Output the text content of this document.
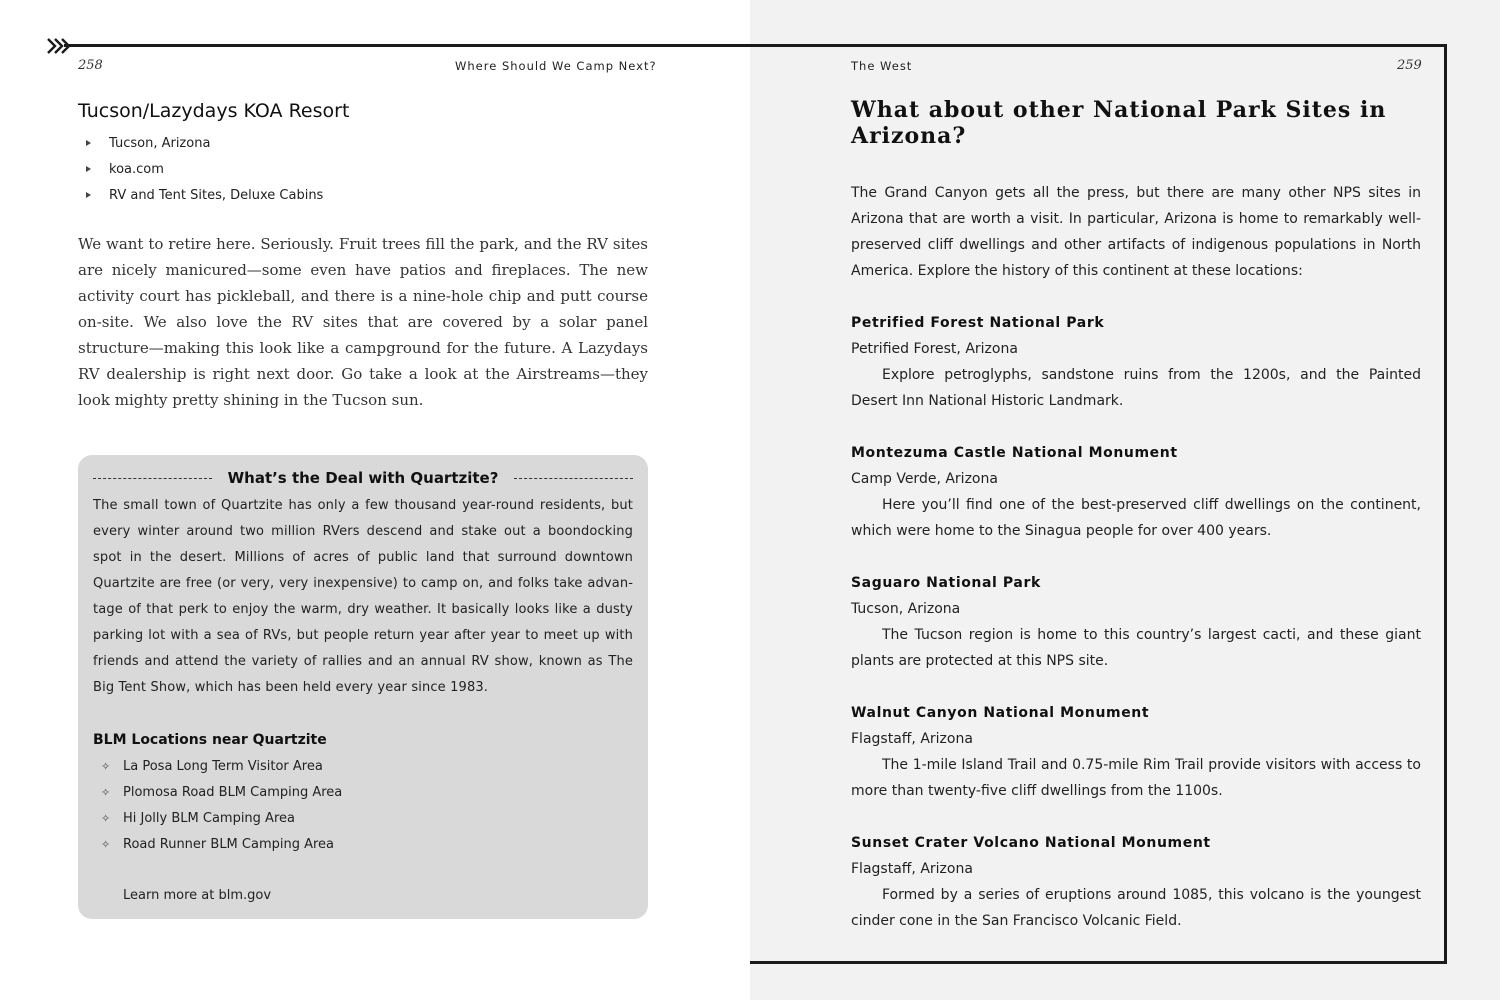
258	Where Should We Camp Next?	The West	259
Tucson/Lazydays KOA Resort
Tucson, Arizona
koa.com
RV and Tent Sites, Deluxe Cabins

We want to retire here. Seriously. Fruit trees fill the park, and the RV sites are nicely manicured—some even have patios and fireplaces. The new activity court has pickleball, and there is a nine-hole chip and putt course on-site. We also love the RV sites that are covered by a solar panel structure—making this look like a campground for the future. A Lazydays RV dealership is right next door. Go take a look at the Airstreams—they look mighty pretty shining in the Tucson sun.

What’s the Deal with Quartzite?

The small town of Quartzite has only a few thousand year-round residents, but every winter around two million RVers descend and stake out a boondocking spot in the desert. Millions of acres of public land that surround downtown Quartzite are free (or very, very inexpensive) to camp on, and folks take advantage of that perk to enjoy the warm, dry weather. It basically looks like a dusty parking lot with a sea of RVs, but people return year after year to meet up with friends and attend the variety of rallies and an annual RV show, known as The Big Tent Show, which has been held every year since 1983.

BLM Locations near Quartzite
✧ La Posa Long Term Visitor Area
✧ Plomosa Road BLM Camping Area
✧ Hi Jolly BLM Camping Area
✧ Road Runner BLM Camping Area
Learn more at blm.gov
What about other National Park Sites in Arizona?

The Grand Canyon gets all the press, but there are many other NPS sites in Arizona that are worth a visit. In particular, Arizona is home to remarkably well-preserved cliff dwellings and other artifacts of indigenous populations in North America. Explore the history of this continent at these locations:

Petrified Forest National Park
Petrified Forest, Arizona

Explore petroglyphs, sandstone ruins from the 1200s, and the Painted Desert Inn National Historic Landmark.

Montezuma Castle National Monument
Camp Verde, Arizona

Here you’ll find one of the best-preserved cliff dwellings on the continent, which were home to the Sinagua people for over 400 years.

Saguaro National Park
Tucson, Arizona

The Tucson region is home to this country’s largest cacti, and these giant plants are protected at this NPS site.

Walnut Canyon National Monument
Flagstaff, Arizona

The 1-mile Island Trail and 0.75-mile Rim Trail provide visitors with access to more than twenty-five cliff dwellings from the 1100s.

Sunset Crater Volcano National Monument
Flagstaff, Arizona

Formed by a series of eruptions around 1085, this volcano is the youngest cinder cone in the San Francisco Volcanic Field.
